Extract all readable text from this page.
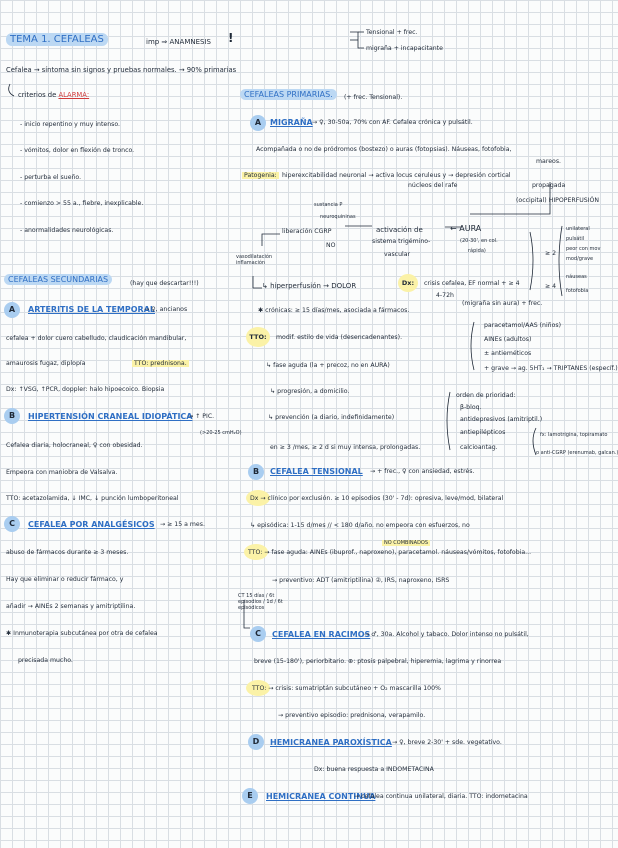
TEMA 1. CEFALEAS	imp ⇒ ANAMNESIS !	Tensional + frec.
migraña + incapacitante
Cefalea → síntoma sin signos y pruebas normales. → 90% primarias
criterios de ALARMA:
- inicio repentino y muy intenso.
- vómitos, dolor en flexión de tronco.
- perturba el sueño.
- comienzo > 55 a., fiebre, inexplicable.
- anormalidades neurológicas.
CEFALEAS PRIMARIAS.	(+ frec. Tensional).
A	MIGRAÑA → ♀, 30-50a, 70% con AF. Cefalea crónica y pulsátil.
Acompañada o no de pródromos (bostezo) o auras (fotopsias). Náuseas, fotofobia,
mareos.
Patogenia: hiperexcitabilidad neuronal → activa locus ceruleus y → depresión cortical
núcleos del rafe	propagada
(occipital) HIPOPERFUSIÓN
sustancia P
neuroquininas
liberación CGRP
NO
activación de
sistema trigémino-
vascular
← AURA
(20-30', en col.
rápida)
vasodilatación inflamación
↳ hiperperfusión → DOLOR	Dx:	crisis cefalea, EF normal + ≥ 4
4-72h
(migraña sin aura) + frec.
≥ 2
≥ 4
unilateral
pulsátil
peor con mov
mod/grave
náuseas
fotofobia
✱ crónicas: ≥ 15 días/mes, asociada a fármacos.
TTO:	modif. estilo de vida (desencadenantes).
↳ fase aguda (la + precoz, no en AURA)
paracetamol/AAS (niños)
AINEs (adultos)
± antieméticos
+ grave → ag. 5HT₁ → TRIPTANES (específ.)
↳ progresión, a domicilio.
↳ prevención (a diario, indefinidamente)
orden de prioridad:
β-bloq.
antidepresivos (amitriptil.)
antiepilépticos
calcioantag.
fx: lamotrigina, topiramato
o anti-CGRP (erenumab, galcan.)
en ≥ 3 /mes, ≥ 2 d si muy intensa, prolongadas.
B	CEFALEA TENSIONAL → + frec., ♀ con ansiedad, estrés.
Dx → clínico por exclusión. ≥ 10 episodios (30' - 7d): opresiva, leve/mod, bilateral
↳ episódica: 1-15 d/mes // < 180 d/año. no empeora con esfuerzos, no
NO COMBINADOS
TTO: → fase aguda: AINEs (ibuprof., naproxeno), paracetamol. náuseas/vómitos, fotofobia...
→ preventivo: ADT (amitriptilina) ②, IRS, naproxeno, ISRS
CT 15 días / 6t episodios / 1d / 6t episódicos
C	CEFALEA EN RACIMOS
→ ♂, 30a. Alcohol y tabaco. Dolor intenso no pulsátil,
breve (15-180'), periorbitario. ⊕: ptosis palpebral, hiperemia, lagrima y rinorrea
TTO: → crisis: sumatriptán subcutáneo + O₂ mascarilla 100%
→ preventivo episodio: prednisona, verapamilo.
D	HEMICRANEA PAROXÍSTICA → ♀, breve 2-30' + sde. vegetativo.
Dx: buena respuesta a INDOMETACINA
E	HEMICRANEA CONTINUA
→ cefalea continua unilateral, diaria. TTO: indometacina
CEFALEAS SECUNDARIAS	(hay que descartar!!!)
A	ARTERITIS DE LA TEMPORAL
→ ♀, ancianos
cefalea + dolor cuero cabelludo, claudicación mandibular,
amaurosis fugaz, diplopía	TTO: prednisona.
Dx: ↑VSG, ↑PCR, doppler: halo hipoecoico. Biopsia
B	HIPERTENSIÓN CRANEAL IDIOPÁTICA
→ ↑ PIC.
(>20-25 cmH₂O)
Cefalea diaria, holocraneal, ♀ con obesidad.
Empeora con maniobra de Valsalva.
TTO: acetazolamida, ↓ IMC, ↓ punción lumboperitoneal
C	CEFALEA POR ANALGÉSICOS → ≥ 15 a mes.
abuso de fármacos durante ≥ 3 meses.
Hay que eliminar o reducir fármaco, y
añadir → AINEs 2 semanas y amitriptilina.
✱ Inmunoterapia subcutánea por otra de cefalea
precisada mucho.
